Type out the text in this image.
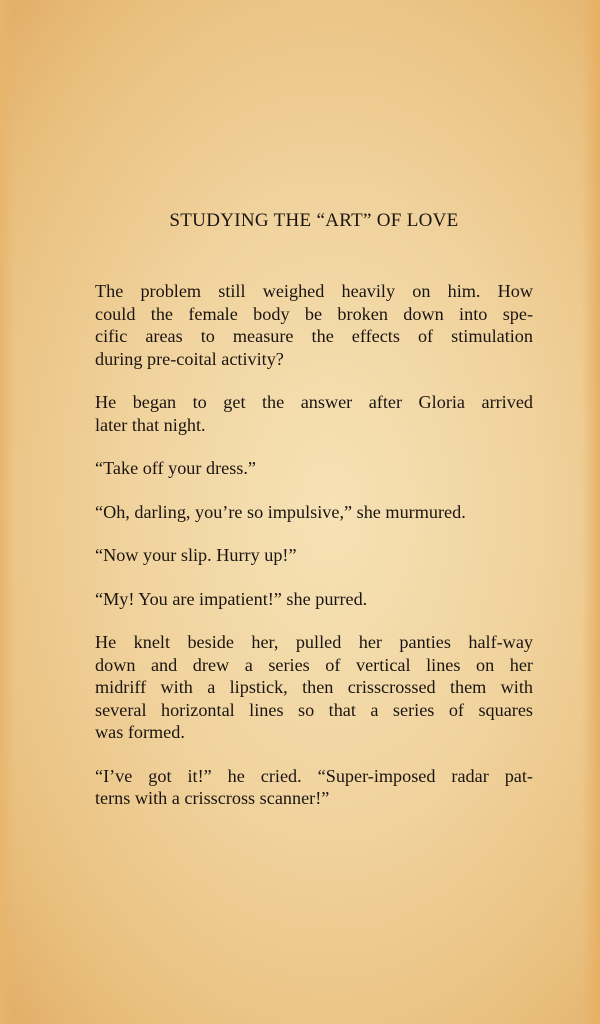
STUDYING THE “ART” OF LOVE

The problem still weighed heavily on him. How
could the female body be broken down into spe-
cific areas to measure the effects of stimulation
during pre-coital activity?

He began to get the answer after Gloria arrived
later that night.

“Take off your dress.”

“Oh, darling, you’re so impulsive,” she murmured.

“Now your slip. Hurry up!”

“My! You are impatient!” she purred.

He knelt beside her, pulled her panties half-way
down and drew a series of vertical lines on her
midriff with a lipstick, then crisscrossed them with
several horizontal lines so that a series of squares
was formed.

“I’ve got it!” he cried. “Super-imposed radar pat-
terns with a crisscross scanner!”
